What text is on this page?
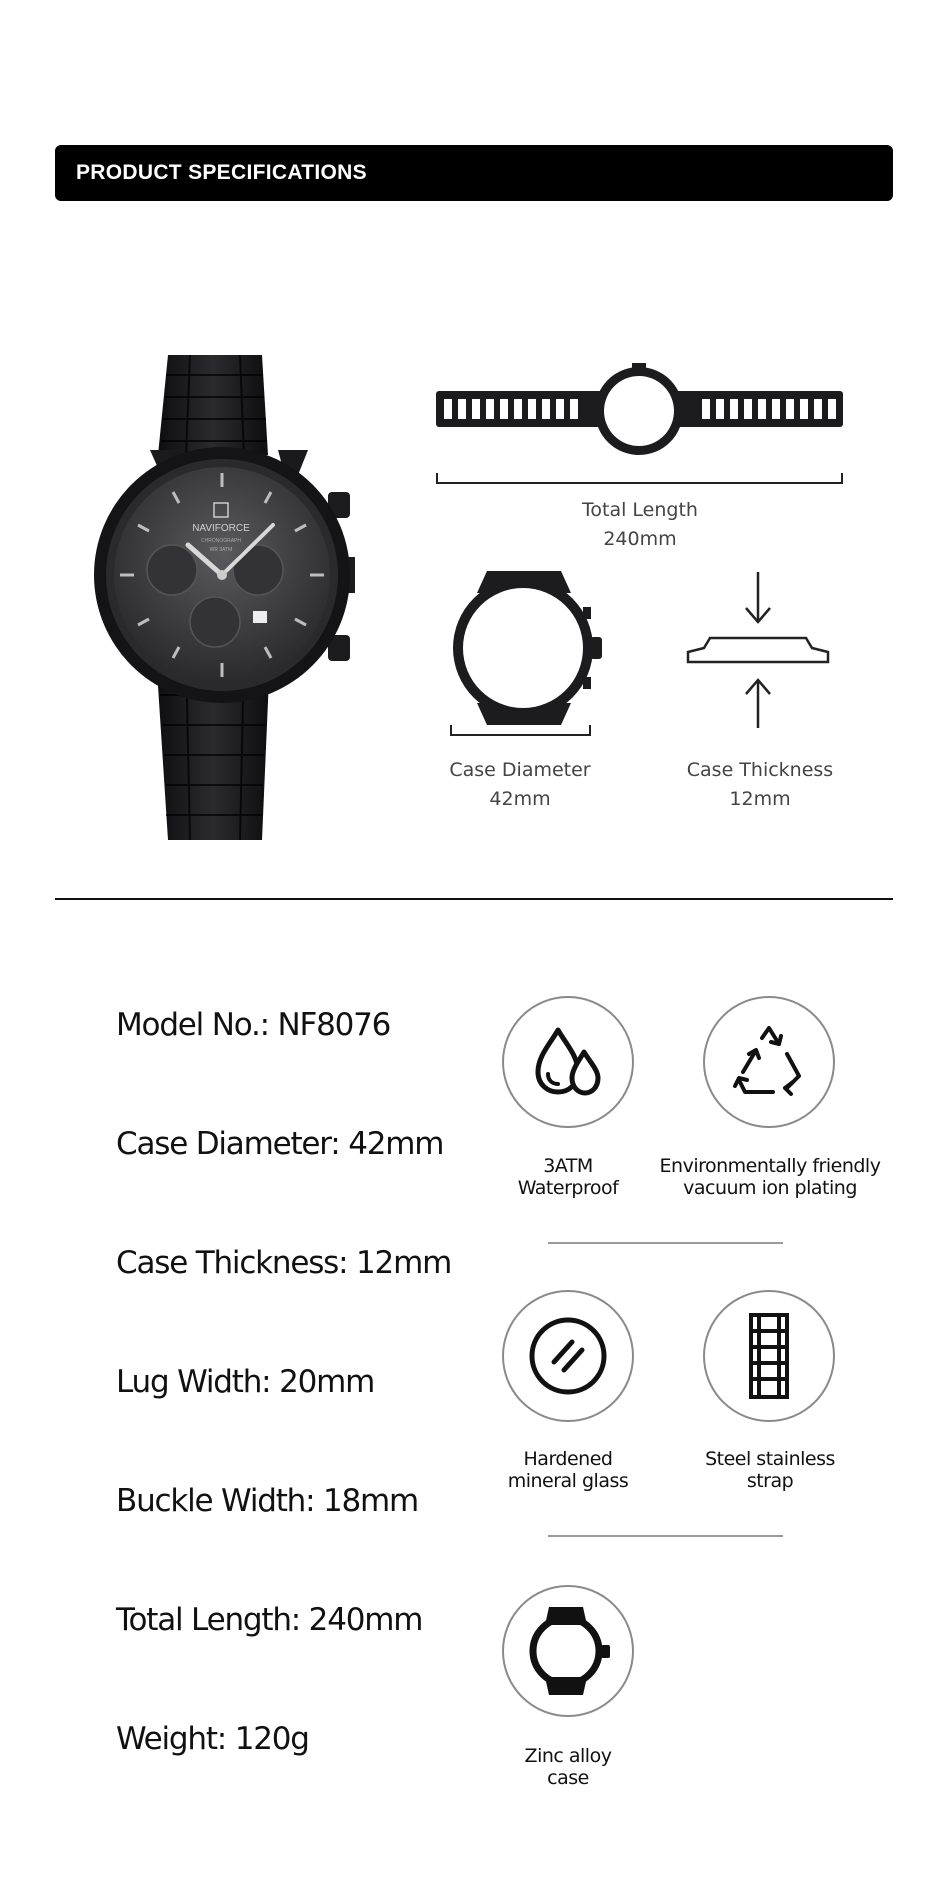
PRODUCT SPECIFICATIONS
NAVIFORCE
CHRONOGRAPH
WR 3ATM
Total Length
240mm
Case Diameter
42mm
Case Thickness
12mm
Model No.: NF8076
Case Diameter: 42mm
Case Thickness: 12mm
Lug Width: 20mm
Buckle Width: 18mm
Total Length: 240mm
Weight: 120g
3ATM
Waterproof
Environmentally friendly
vacuum ion plating
Hardened
mineral glass
Steel stainless
strap
Zinc alloy
case
